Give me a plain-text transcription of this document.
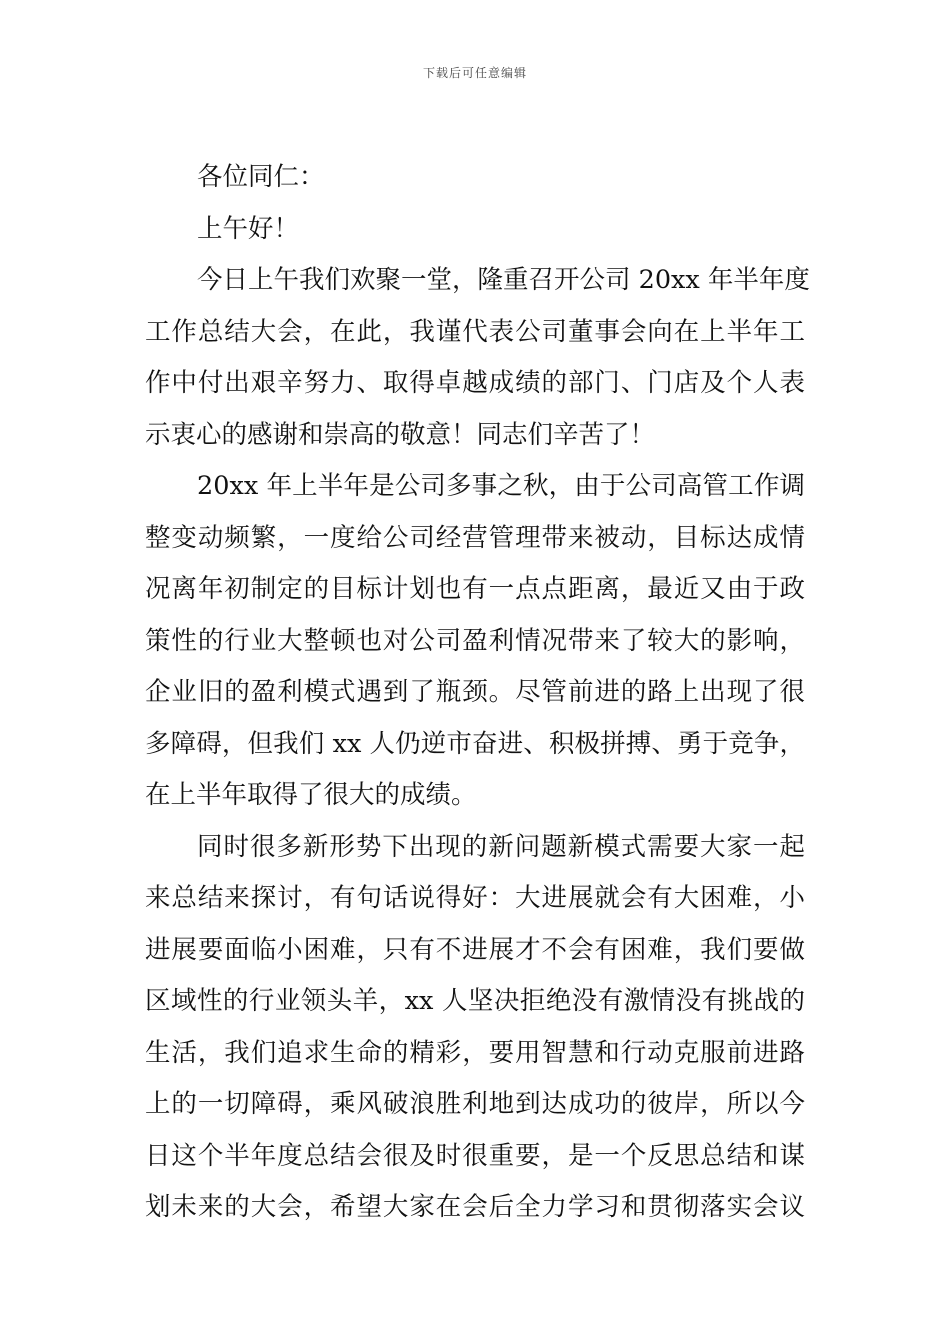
下载后可任意编辑
各位同仁：
上午好！
今日上午我们欢聚一堂，隆重召开公司 20xx 年半年度
工作总结大会，在此，我谨代表公司董事会向在上半年工
作中付出艰辛努力、取得卓越成绩的部门、门店及个人表
示衷心的感谢和崇高的敬意！同志们辛苦了！
20xx 年上半年是公司多事之秋，由于公司高管工作调
整变动频繁，一度给公司经营管理带来被动，目标达成情
况离年初制定的目标计划也有一点点距离，最近又由于政
策性的行业大整顿也对公司盈利情况带来了较大的影响，
企业旧的盈利模式遇到了瓶颈。尽管前进的路上出现了很
多障碍，但我们 xx 人仍逆市奋进、积极拼搏、勇于竞争，
在上半年取得了很大的成绩。
同时很多新形势下出现的新问题新模式需要大家一起
来总结来探讨，有句话说得好：大进展就会有大困难，小
进展要面临小困难，只有不进展才不会有困难，我们要做
区域性的行业领头羊，xx 人坚决拒绝没有激情没有挑战的
生活，我们追求生命的精彩，要用智慧和行动克服前进路
上的一切障碍，乘风破浪胜利地到达成功的彼岸，所以今
日这个半年度总结会很及时很重要，是一个反思总结和谋
划未来的大会，希望大家在会后全力学习和贯彻落实会议
